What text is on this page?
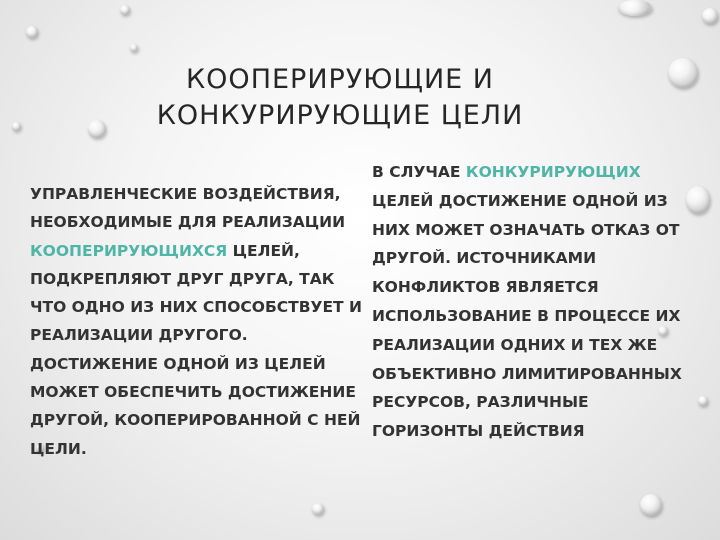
КООПЕРИРУЮЩИЕ И
КОНКУРИРУЮЩИЕ ЦЕЛИ

УПРАВЛЕНЧЕСКИЕ ВОЗДЕЙСТВИЯ, НЕОБХОДИМЫЕ ДЛЯ РЕАЛИЗАЦИИ КООПЕРИРУЮЩИХСЯ ЦЕЛЕЙ, ПОДКРЕПЛЯЮТ ДРУГ ДРУГА, ТАК ЧТО ОДНО ИЗ НИХ СПОСОБСТВУЕТ И РЕАЛИЗАЦИИ ДРУГОГО. ДОСТИЖЕНИЕ ОДНОЙ ИЗ ЦЕЛЕЙ МОЖЕТ ОБЕСПЕЧИТЬ ДОСТИЖЕНИЕ ДРУГОЙ, КООПЕРИРОВАННОЙ С НЕЙ ЦЕЛИ.

В СЛУЧАЕ КОНКУРИРУЮЩИХ ЦЕЛЕЙ ДОСТИЖЕНИЕ ОДНОЙ ИЗ НИХ МОЖЕТ ОЗНАЧАТЬ ОТКАЗ ОТ ДРУГОЙ. ИСТОЧНИКАМИ КОНФЛИКТОВ ЯВЛЯЕТСЯ ИСПОЛЬЗОВАНИЕ В ПРОЦЕССЕ ИХ РЕАЛИЗАЦИИ ОДНИХ И ТЕХ ЖЕ ОБЪЕКТИВНО ЛИМИТИРОВАННЫХ РЕСУРСОВ, РАЗЛИЧНЫЕ ГОРИЗОНТЫ ДЕЙСТВИЯ
